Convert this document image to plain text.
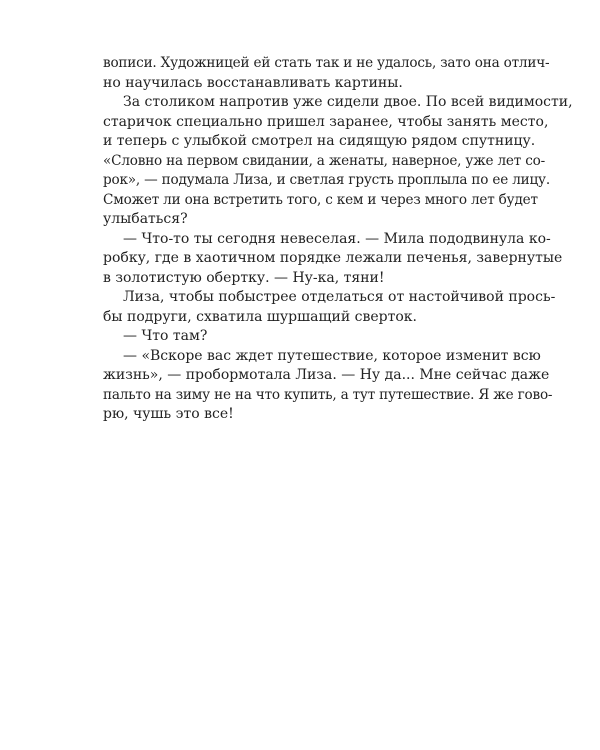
вописи. Художницей ей стать так и не удалось, зато она отлич-
но научилась восстанавливать картины.
За столиком напротив уже сидели двое. По всей видимости,
старичок специально пришел заранее, чтобы занять место,
и теперь с улыбкой смотрел на сидящую рядом спутницу.
«Словно на первом свидании, а женаты, наверное, уже лет со-
рок», — подумала Лиза, и светлая грусть проплыла по ее лицу.
Сможет ли она встретить того, с кем и через много лет будет
улыбаться?
— Что-то ты сегодня невеселая. — Мила пододвинула ко-
робку, где в хаотичном порядке лежали печенья, завернутые
в золотистую обертку. — Ну-ка, тяни!
Лиза, чтобы побыстрее отделаться от настойчивой прось-
бы подруги, схватила шуршащий сверток.
— Что там?
— «Вскоре вас ждет путешествие, которое изменит всю
жизнь», — пробормотала Лиза. — Ну да... Мне сейчас даже
пальто на зиму не на что купить, а тут путешествие. Я же гово-
рю, чушь это все!
